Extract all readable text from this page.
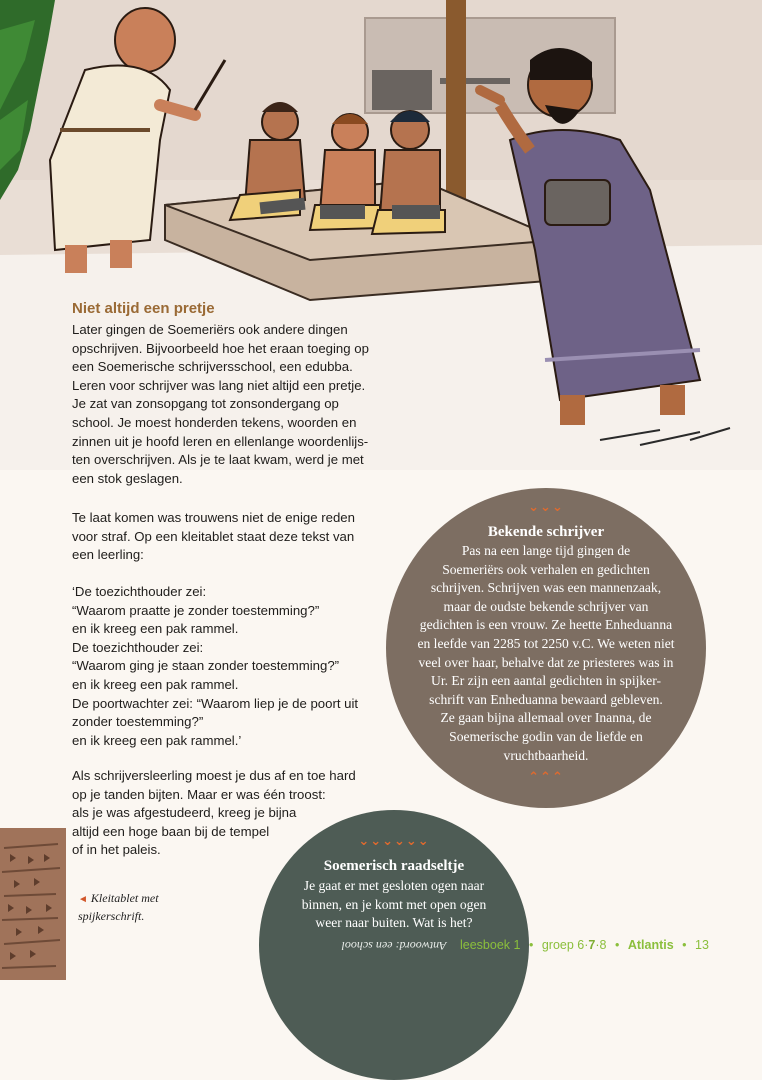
Niet altijd een pretje

Later gingen de Soemeriërs ook andere dingen
opschrijven. Bijvoorbeeld hoe het eraan toeging op
een Soemerische schrijversschool, een edubba.
Leren voor schrijver was lang niet altijd een pretje.
Je zat van zonsopgang tot zonsondergang op
school. Je moest honderden tekens, woorden en
zinnen uit je hoofd leren en ellenlange woordenlijs-
ten overschrijven. Als je te laat kwam, werd je met
een stok geslagen.

Te laat komen was trouwens niet de enige reden
voor straf. Op een kleitablet staat deze tekst van
een leerling:

‘De toezichthouder zei:
“Waarom praatte je zonder toestemming?”
en ik kreeg een pak rammel.
De toezichthouder zei:
“Waarom ging je staan zonder toestemming?”
en ik kreeg een pak rammel.
De poortwachter zei: “Waarom liep je de poort uit
zonder toestemming?”
en ik kreeg een pak rammel.’

Als schrijversleerling moest je dus af en toe hard
op je tanden bijten. Maar er was één troost:
als je was afgestudeerd, kreeg je bijna
altijd een hoge baan bij de tempel
of in het paleis.

⌄⌄⌄
Bekende schrijver

Pas na een lange tijd gingen de
Soemeriërs ook verhalen en gedichten
schrijven. Schrijven was een mannenzaak,
maar de oudste bekende schrijver van
gedichten is een vrouw. Ze heette Enheduanna
en leefde van 2285 tot 2250 v.C. We weten niet
veel over haar, behalve dat ze priesteres was in
Ur. Er zijn een aantal gedichten in spijker-
schrift van Enheduanna bewaard gebleven.
Ze gaan bijna allemaal over Inanna, de
Soemerische godin van de liefde en
vruchtbaarheid.

⌃⌃⌃
⌄⌄⌄⌄⌄⌄
Soemerisch raadseltje

Je gaat er met gesloten ogen naar
binnen, en je komt met open ogen
weer naar buiten. Wat is het?

Antwoord: een school
◄ Kleitablet met spijkerschrift.
leesboek 1 • groep 6·7·8 • Atlantis • 13
